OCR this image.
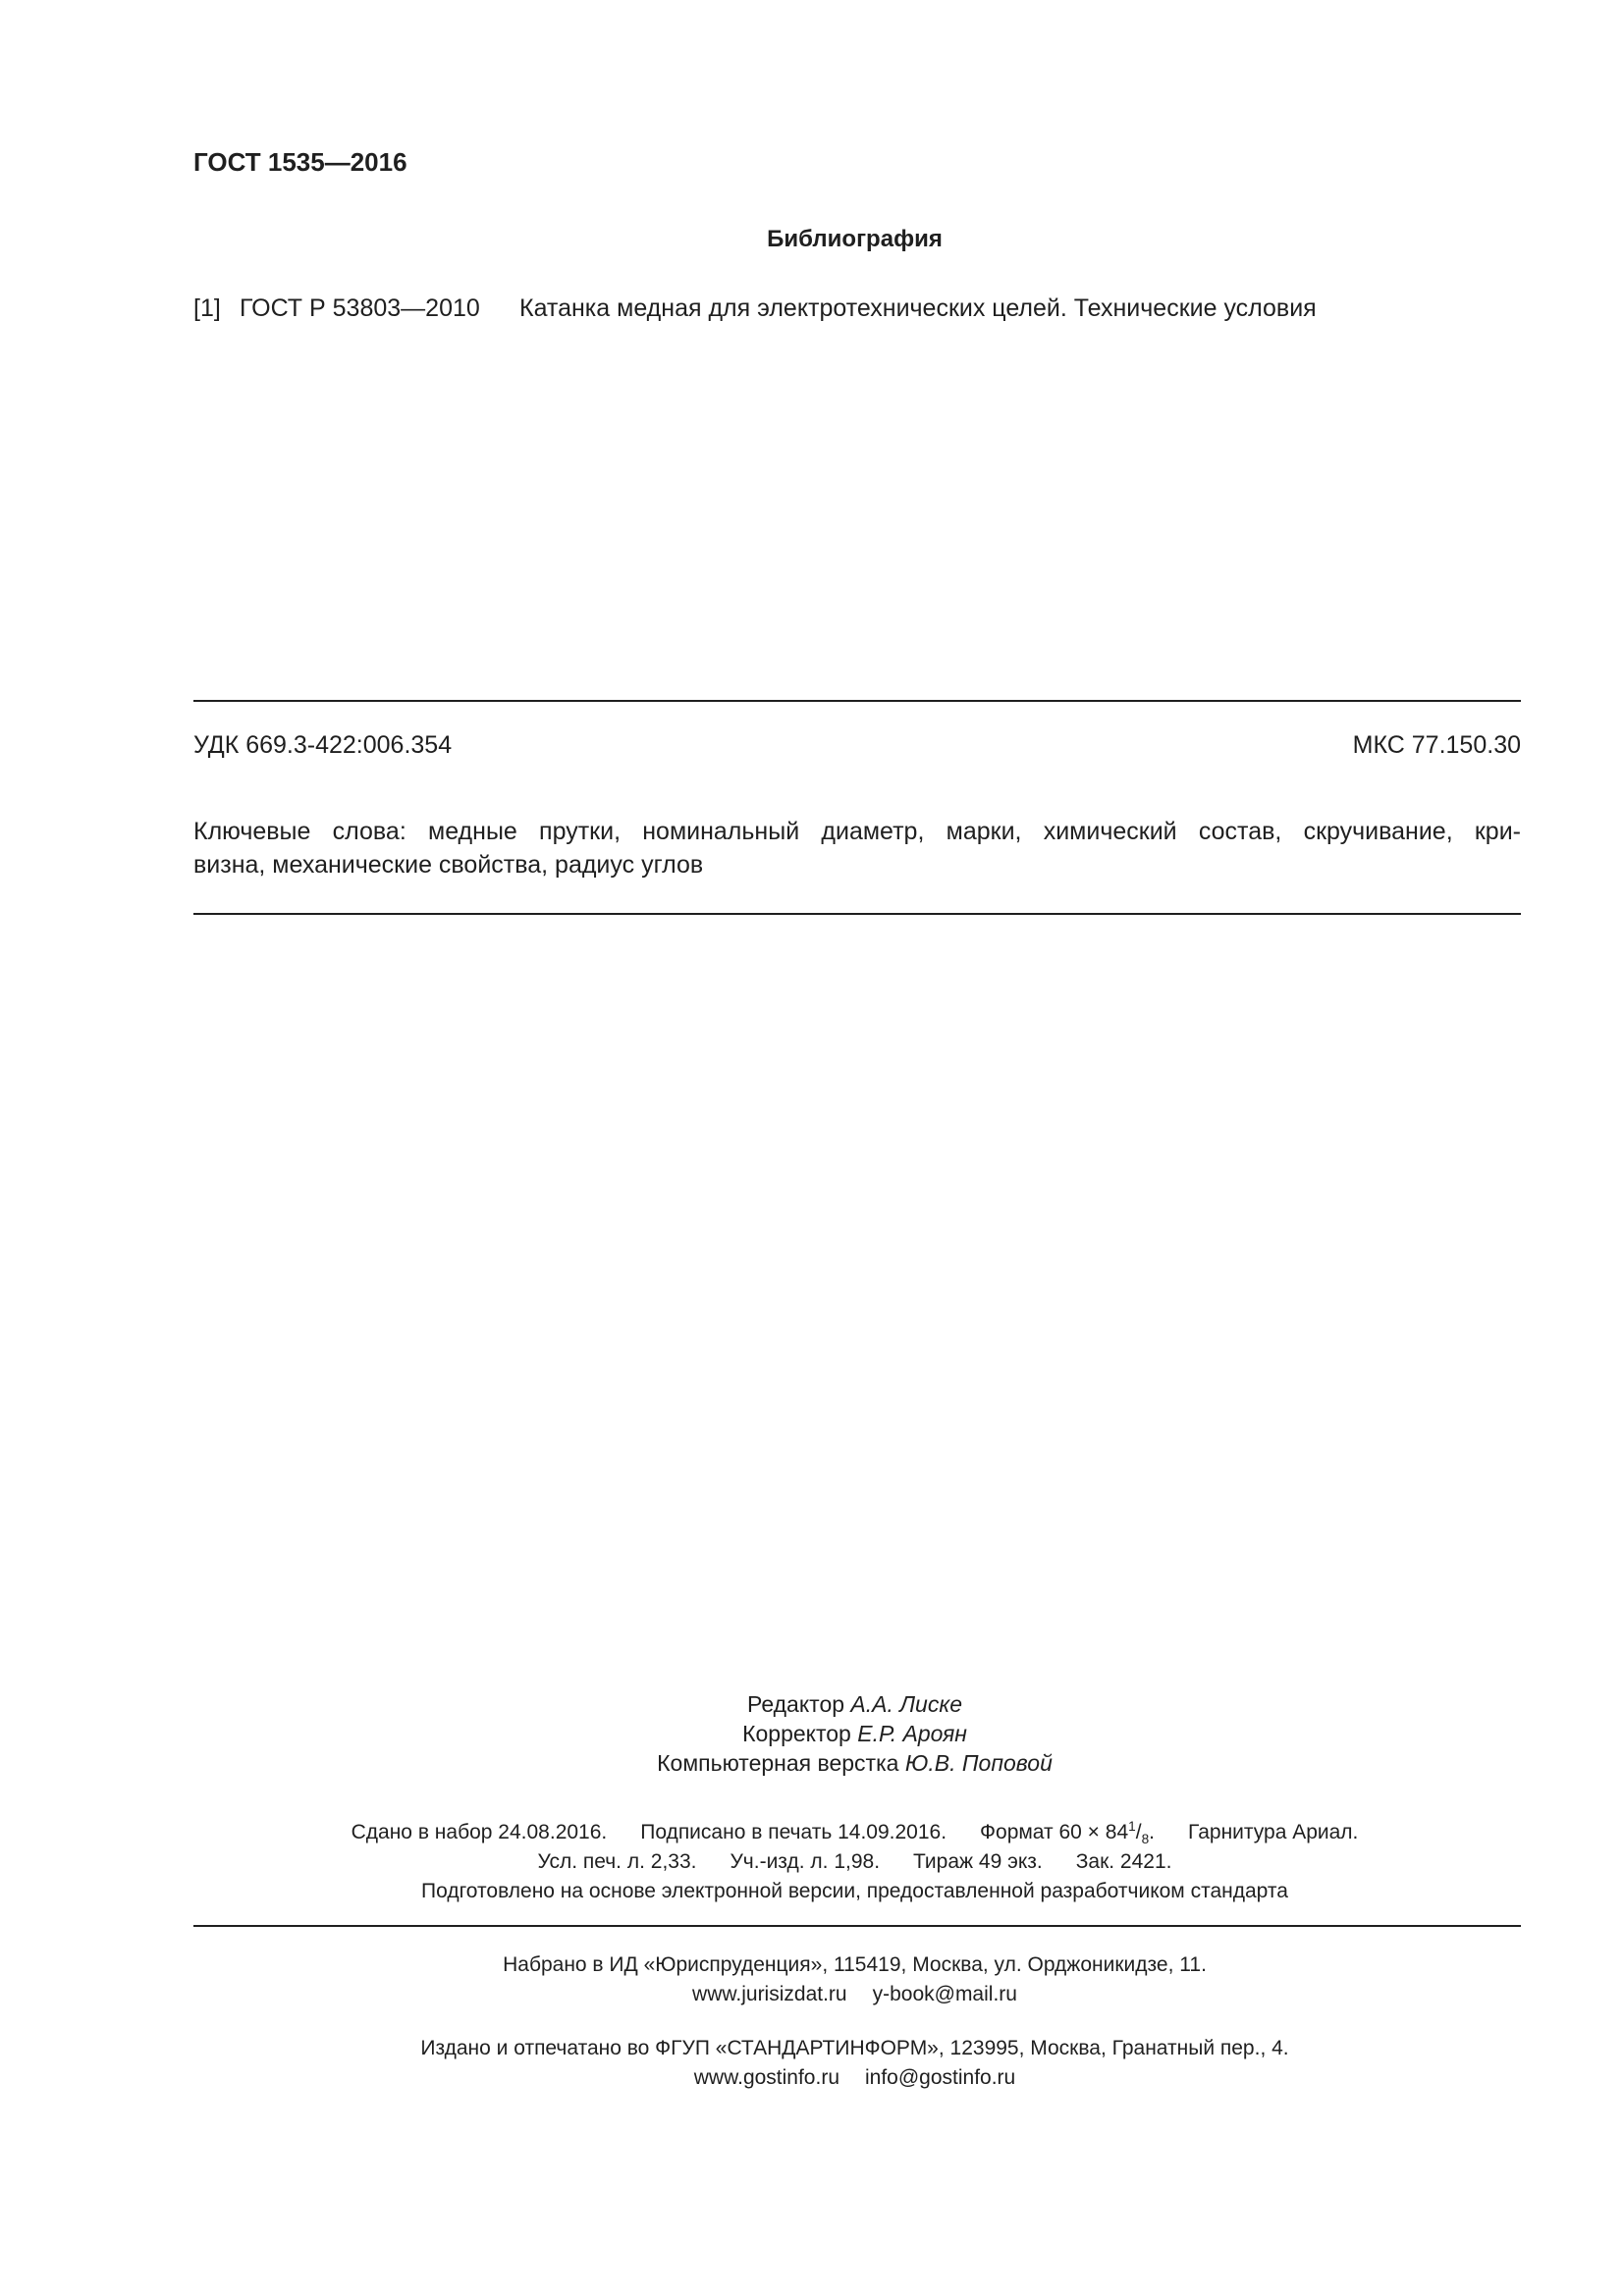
ГОСТ 1535—2016
Библиография
[1] ГОСТ Р 53803—2010 Катанка медная для электротехнических целей. Технические условия
УДК 669.3-422:006.354	МКС 77.150.30
Ключевые слова: медные прутки, номинальный диаметр, марки, химический состав, скручивание, кри-
визна, механические свойства, радиус углов
Редактор А.А. Лиске
Корректор Е.Р. Ароян
Компьютерная верстка Ю.В. Поповой
Сдано в набор 24.08.2016. Подписано в печать 14.09.2016. Формат $60 \times 84^1/_8$. Гарнитура Ариал.
Усл. печ. л. 2,33. Уч.-изд. л. 1,98. Тираж 49 экз. Зак. 2421.
Подготовлено на основе электронной версии, предоставленной разработчиком стандарта
Набрано в ИД «Юриспруденция», 115419, Москва, ул. Орджоникидзе, 11.
www.jurisizdat.ru y-book@mail.ru
Издано и отпечатано во ФГУП «СТАНДАРТИНФОРМ», 123995, Москва, Гранатный пер., 4.
www.gostinfo.ru info@gostinfo.ru
